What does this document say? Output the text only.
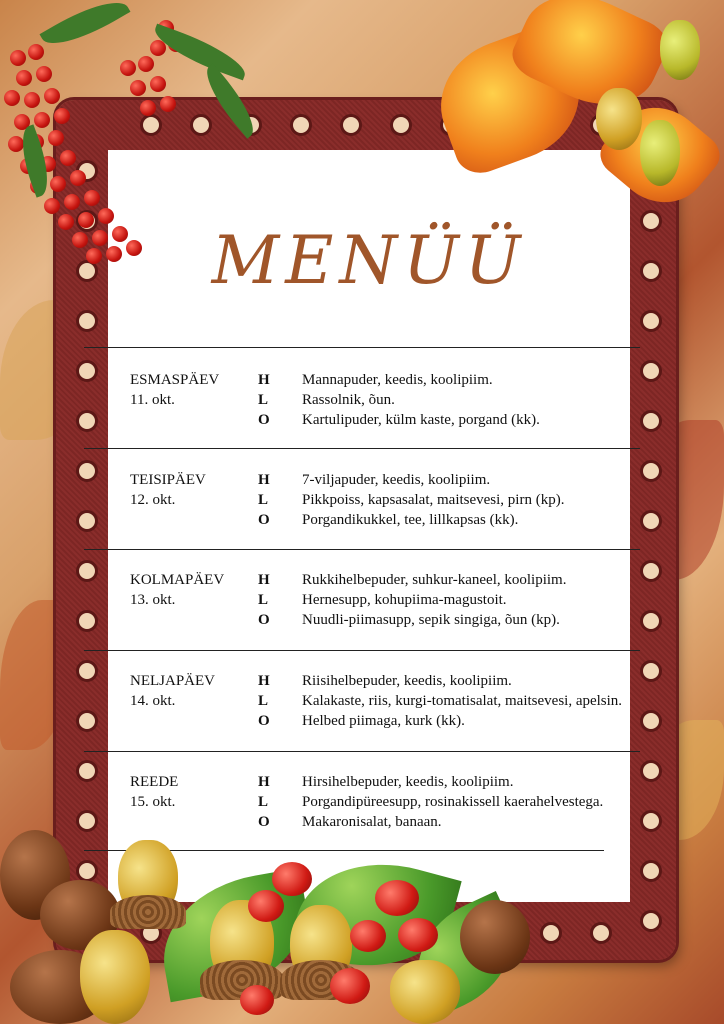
MENÜÜ
ESMASPÄEV
11. okt.
H
L
O
Mannapuder, keedis, koolipiim.
Rassolnik, õun.
Kartulipuder, külm kaste, porgand (kk).
TEISIPÄEV
12. okt.
H
L
O
7-viljapuder, keedis, koolipiim.
Pikkpoiss, kapsasalat, maitsevesi, pirn (kp).
Porgandikukkel, tee, lillkapsas (kk).
KOLMAPÄEV
13. okt.
H
L
O
Rukkihelbepuder, suhkur-kaneel, koolipiim.
Hernesupp, kohupiima-magustoit.
Nuudli-piimasupp, sepik singiga, õun (kp).
NELJAPÄEV
14. okt.
H
L
O
Riisihelbepuder, keedis, koolipiim.
Kalakaste, riis, kurgi-tomatisalat, maitsevesi, apelsin.
Helbed piimaga, kurk (kk).
REEDE
15. okt.
H
L
O
Hirsihelbepuder, keedis, koolipiim.
Porgandipüreesupp, rosinakissell kaerahelvestega.
Makaronisalat, banaan.
